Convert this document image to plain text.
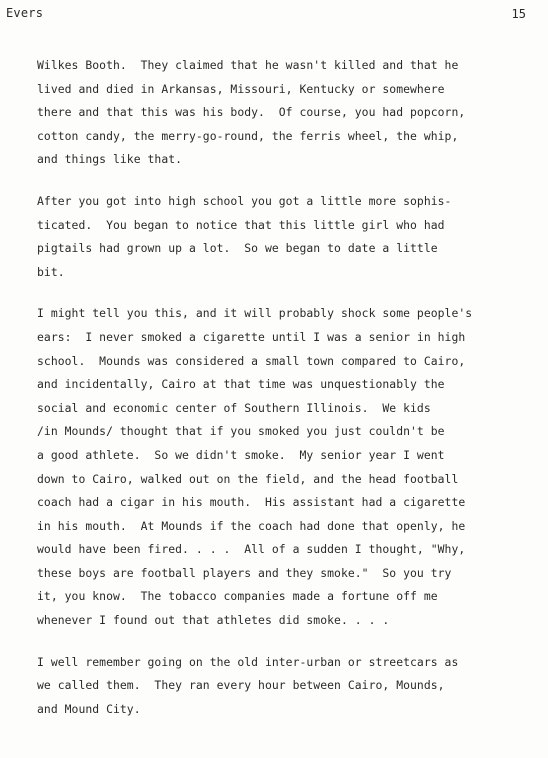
Evers	15
Wilkes Booth.  They claimed that he wasn't killed and that he
lived and died in Arkansas, Missouri, Kentucky or somewhere
there and that this was his body.  Of course, you had popcorn,
cotton candy, the merry-go-round, the ferris wheel, the whip,
and things like that.
After you got into high school you got a little more sophis-
ticated.  You began to notice that this little girl who had
pigtails had grown up a lot.  So we began to date a little
bit.
I might tell you this, and it will probably shock some people's
ears:  I never smoked a cigarette until I was a senior in high
school.  Mounds was considered a small town compared to Cairo,
and incidentally, Cairo at that time was unquestionably the
social and economic center of Southern Illinois.  We kids
/in Mounds/ thought that if you smoked you just couldn't be
a good athlete.  So we didn't smoke.  My senior year I went
down to Cairo, walked out on the field, and the head football
coach had a cigar in his mouth.  His assistant had a cigarette
in his mouth.  At Mounds if the coach had done that openly, he
would have been fired. . . .  All of a sudden I thought, "Why,
these boys are football players and they smoke."  So you try
it, you know.  The tobacco companies made a fortune off me
whenever I found out that athletes did smoke. . . .
I well remember going on the old inter-urban or streetcars as
we called them.  They ran every hour between Cairo, Mounds,
and Mound City.
